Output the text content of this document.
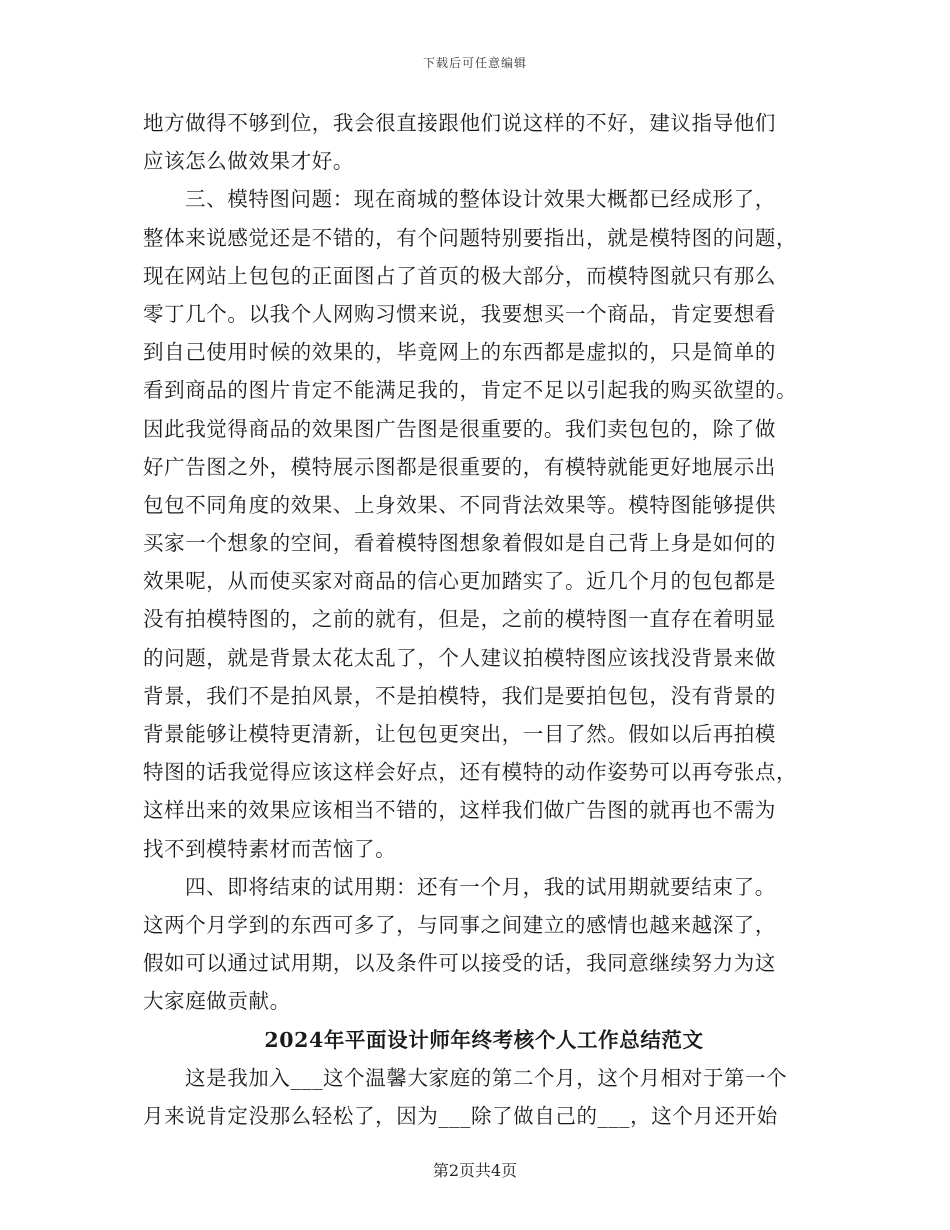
下载后可任意编辑
地方做得不够到位，我会很直接跟他们说这样的不好，建议指导他们
应该怎么做效果才好。
三、模特图问题：现在商城的整体设计效果大概都已经成形了，
整体来说感觉还是不错的，有个问题特别要指出，就是模特图的问题，
现在网站上包包的正面图占了首页的极大部分，而模特图就只有那么
零丁几个。以我个人网购习惯来说，我要想买一个商品，肯定要想看
到自己使用时候的效果的，毕竟网上的东西都是虚拟的，只是简单的
看到商品的图片肯定不能满足我的，肯定不足以引起我的购买欲望的。
因此我觉得商品的效果图广告图是很重要的。我们卖包包的，除了做
好广告图之外，模特展示图都是很重要的，有模特就能更好地展示出
包包不同角度的效果、上身效果、不同背法效果等。模特图能够提供
买家一个想象的空间，看着模特图想象着假如是自己背上身是如何的
效果呢，从而使买家对商品的信心更加踏实了。近几个月的包包都是
没有拍模特图的，之前的就有，但是，之前的模特图一直存在着明显
的问题，就是背景太花太乱了，个人建议拍模特图应该找没背景来做
背景，我们不是拍风景，不是拍模特，我们是要拍包包，没有背景的
背景能够让模特更清新，让包包更突出，一目了然。假如以后再拍模
特图的话我觉得应该这样会好点，还有模特的动作姿势可以再夸张点，
这样出来的效果应该相当不错的，这样我们做广告图的就再也不需为
找不到模特素材而苦恼了。
四、即将结束的试用期：还有一个月，我的试用期就要结束了。
这两个月学到的东西可多了，与同事之间建立的感情也越来越深了，
假如可以通过试用期，以及条件可以接受的话，我同意继续努力为这
大家庭做贡献。
2024年平面设计师年终考核个人工作总结范文
这是我加入___这个温馨大家庭的第二个月，这个月相对于第一个
月来说肯定没那么轻松了，因为___除了做自己的___，这个月还开始
第2页共4页
